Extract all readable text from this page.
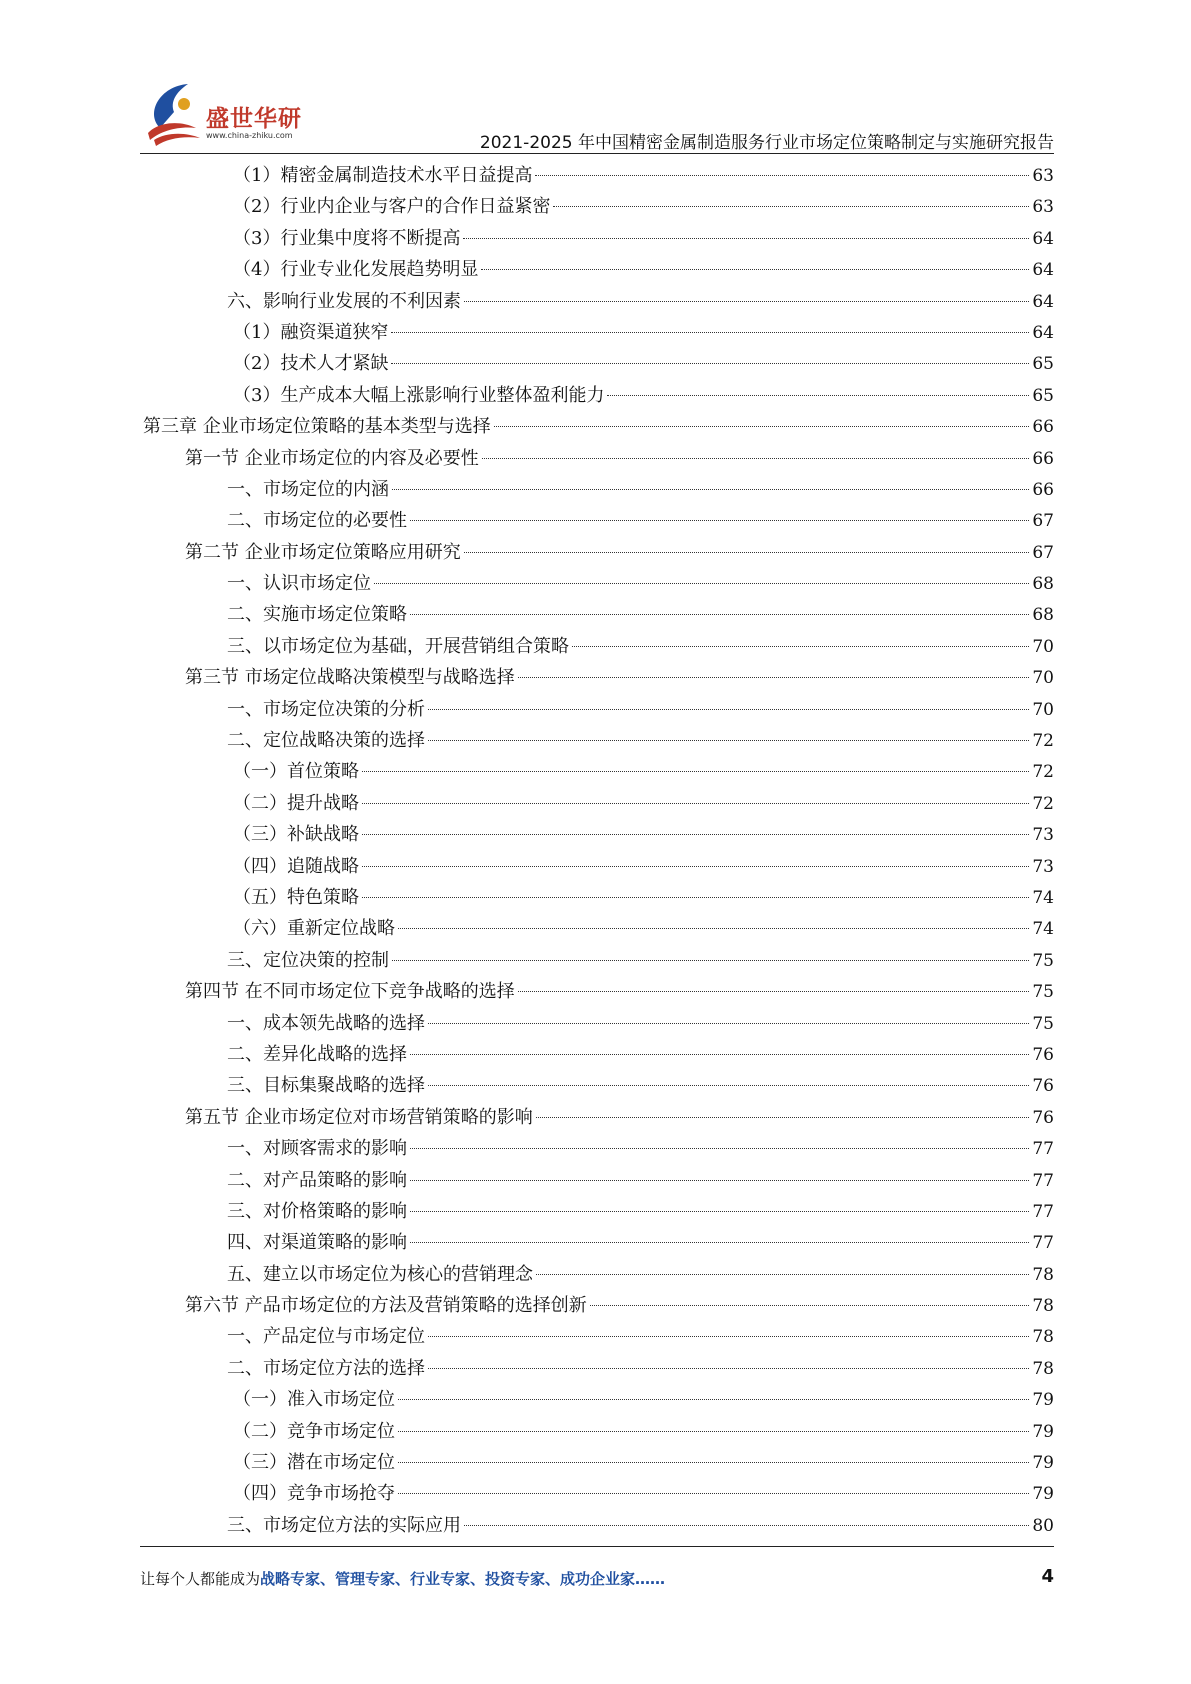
盛世华研
www.china-zhiku.com	2021-2025 年中国精密金属制造服务行业市场定位策略制定与实施研究报告
（1）精密金属制造技术水平日益提高	63
（2）行业内企业与客户的合作日益紧密	63
（3）行业集中度将不断提高	64
（4）行业专业化发展趋势明显	64
六、影响行业发展的不利因素	64
（1）融资渠道狭窄	64
（2）技术人才紧缺	65
（3）生产成本大幅上涨影响行业整体盈利能力	65
第三章 企业市场定位策略的基本类型与选择	66
第一节 企业市场定位的内容及必要性	66
一、市场定位的内涵	66
二、市场定位的必要性	67
第二节 企业市场定位策略应用研究	67
一、认识市场定位	68
二、实施市场定位策略	68
三、以市场定位为基础，开展营销组合策略	70
第三节 市场定位战略决策模型与战略选择	70
一、市场定位决策的分析	70
二、定位战略决策的选择	72
（一）首位策略	72
（二）提升战略	72
（三）补缺战略	73
（四）追随战略	73
（五）特色策略	74
（六）重新定位战略	74
三、定位决策的控制	75
第四节 在不同市场定位下竞争战略的选择	75
一、成本领先战略的选择	75
二、差异化战略的选择	76
三、目标集聚战略的选择	76
第五节 企业市场定位对市场营销策略的影响	76
一、对顾客需求的影响	77
二、对产品策略的影响	77
三、对价格策略的影响	77
四、对渠道策略的影响	77
五、建立以市场定位为核心的营销理念	78
第六节 产品市场定位的方法及营销策略的选择创新	78
一、产品定位与市场定位	78
二、市场定位方法的选择	78
（一）准入市场定位	79
（二）竞争市场定位	79
（三）潜在市场定位	79
（四）竞争市场抢夺	79
三、市场定位方法的实际应用	80
让每个人都能成为战略专家、管理专家、行业专家、投资专家、成功企业家……	4
